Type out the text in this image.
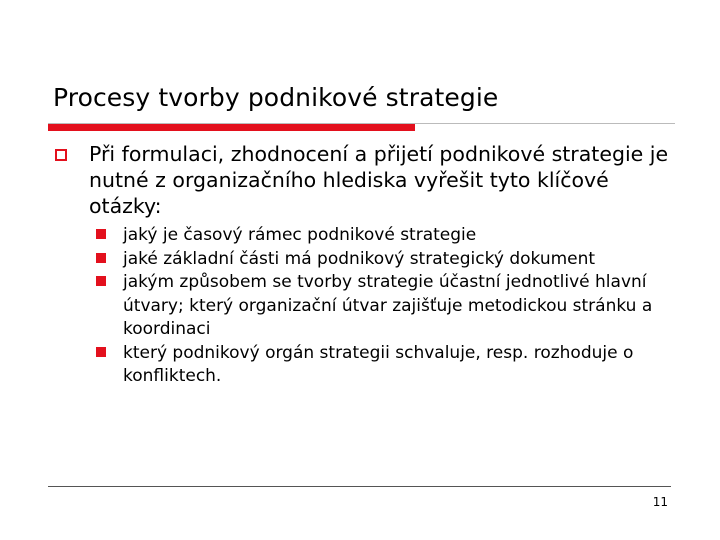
Procesy tvorby podnikové strategie
Při formulaci, zhodnocení a přijetí podnikové strategie je nutné z organizačního hlediska vyřešit tyto klíčové otázky:
jaký je časový rámec podnikové strategie
jaké základní části má podnikový strategický dokument
jakým způsobem se tvorby strategie účastní jednotlivé hlavní útvary; který organizační útvar zajišťuje metodickou stránku a koordinaci
který podnikový orgán strategii schvaluje, resp. rozhoduje o konfliktech.
11
